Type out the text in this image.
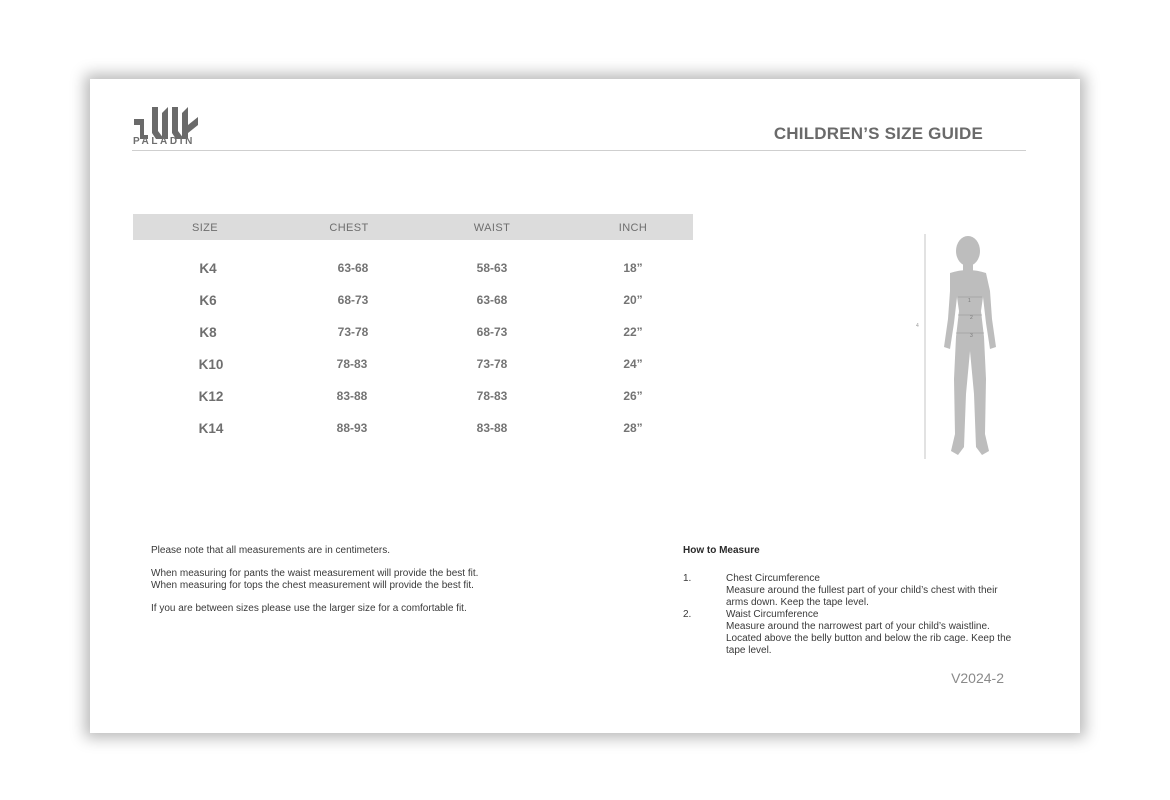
PALADIN	CHILDREN’S SIZE GUIDE
SIZE	CHEST	WAIST	INCH
K4	63-68	58-63	18”
K6	68-73	63-68	20”
K8	73-78	68-73	22”
K10	78-83	73-78	24”
K12	83-88	78-83	26”
K14	88-93	83-88	28”
4
1
2
3

Please note that all measurements are in centimeters.

When measuring for pants the waist measurement will provide the best fit.

When measuring for tops the chest measurement will provide the best fit.

If you are between sizes please use the larger size for a comfortable fit.

How to Measure
1.	Chest Circumference
Measure around the fullest part of your child’s chest with their arms down. Keep the tape level.
2.	Waist Circumference
Measure around the narrowest part of your child’s waistline. Located above the belly button and below the rib cage. Keep the tape level.
V2024-2
